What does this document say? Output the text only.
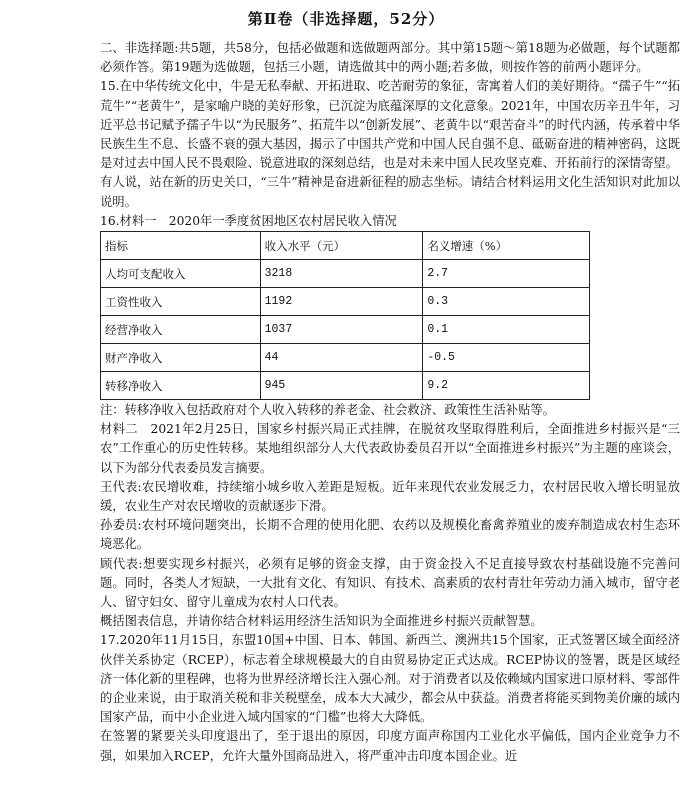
第Ⅱ卷（非选择题，52分）

二、非选择题:共5题，共58分，包括必做题和选做题两部分。其中第15题～第18题为必做题，每个试题都必须作答。第19题为选做题，包括三小题，请选做其中的两小题;若多做，则按作答的前两小题评分。

15.在中华传统文化中，牛是无私奉献、开拓进取、吃苦耐劳的象征，寄寓着人们的美好期待。“孺子牛”“拓荒牛”“老黄牛”，是家喻户晓的美好形象，已沉淀为底蕴深厚的文化意象。2021年，中国农历辛丑牛年，习近平总书记赋予孺子牛以“为民服务”、拓荒牛以“创新发展”、老黄牛以“艰苦奋斗”的时代内涵，传承着中华民族生生不息、长盛不衰的强大基因，揭示了中国共产党和中国人民自强不息、砥砺奋进的精神密码，这既是对过去中国人民不畏艰险、锐意进取的深刻总结，也是对未来中国人民攻坚克难、开拓前行的深情寄望。

有人说，站在新的历史关口，“三牛”精神是奋进新征程的励志坐标。请结合材料运用文化生活知识对此加以说明。

16.材料一　2020年一季度贫困地区农村居民收入情况

指标	收入水平（元）	名义增速（%）
人均可支配收入	3218	2.7
工资性收入	1192	0.3
经营净收入	1037	0.1
财产净收入	44	-0.5
转移净收入	945	9.2

注：转移净收入包括政府对个人收入转移的养老金、社会救济、政策性生活补贴等。

材料二　2021年2月25日，国家乡村振兴局正式挂牌，在脱贫攻坚取得胜利后，全面推进乡村振兴是“三农”工作重心的历史性转移。某地组织部分人大代表政协委员召开以“全面推进乡村振兴”为主题的座谈会，以下为部分代表委员发言摘要。

王代表:农民增收难，持续缩小城乡收入差距是短板。近年来现代农业发展乏力，农村居民收入增长明显放缓，农业生产对农民增收的贡献逐步下滑。

孙委员:农村环境问题突出，长期不合理的使用化肥、农药以及规模化畜禽养殖业的废弃制造成农村生态环境恶化。

顾代表:想要实现乡村振兴，必须有足够的资金支撑，由于资金投入不足直接导致农村基础设施不完善问题。同时，各类人才短缺，一大批有文化、有知识、有技术、高素质的农村青壮年劳动力涌入城市，留守老人、留守妇女、留守儿童成为农村人口代表。

概括图表信息，并请你结合材料运用经济生活知识为全面推进乡村振兴贡献智慧。

17.2020年11月15日，东盟10国+中国、日本、韩国、新西兰、澳洲共15个国家，正式签署区域全面经济伙伴关系协定（RCEP），标志着全球规模最大的自由贸易协定正式达成。RCEP协议的签署，既是区域经济一体化新的里程碑，也将为世界经济增长注入强心剂。对于消费者以及依赖域内国家进口原材料、零部件的企业来说，由于取消关税和非关税壁垒，成本大大减少，都会从中获益。消费者将能买到物美价廉的域内国家产品，而中小企业进入域内国家的“门槛”也将大大降低。

在签署的紧要关头印度退出了，至于退出的原因，印度方面声称国内工业化水平偏低，国内企业竞争力不强，如果加入RCEP，允许大量外国商品进入，将严重冲击印度本国企业。近
